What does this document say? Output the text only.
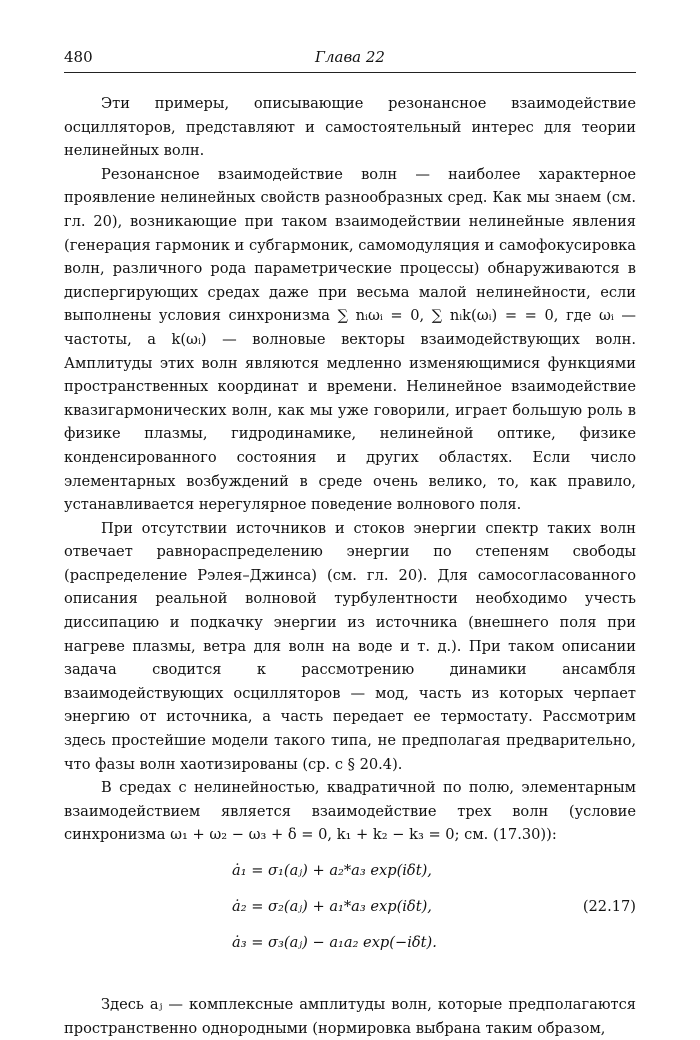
480	Глава 22

Эти примеры, описывающие резонансное взаимодействие осцилляторов, представляют и самостоятельный интерес для теории нелинейных волн.

Резонансное взаимодействие волн — наиболее характерное проявление нелинейных свойств разнообразных сред. Как мы знаем (см. гл. 20), возникающие при таком взаимодействии нелинейные явления (генерация гармоник и субгармоник, самомодуляция и самофокусировка волн, различного рода параметрические процессы) обнаруживаются в диспергирующих средах даже при весьма малой нелинейности, если выполнены условия синхронизма ∑ nᵢωᵢ = 0, ∑ nᵢk(ωᵢ) = = 0, где ωᵢ — частоты, а k(ωᵢ) — волновые векторы взаимодействующих волн. Амплитуды этих волн являются медленно изменяющимися функциями пространственных координат и времени. Нелинейное взаимодействие квазигармонических волн, как мы уже говорили, играет большую роль в физике плазмы, гидродинамике, нелинейной оптике, физике конденсированного состояния и других областях. Если число элементарных возбуждений в среде очень велико, то, как правило, устанавливается нерегулярное поведение волнового поля.

При отсутствии источников и стоков энергии спектр таких волн отвечает равнораспределению энергии по степеням свободы (распределение Рэлея–Джинса) (см. гл. 20). Для самосогласованного описания реальной волновой турбулентности необходимо учесть диссипацию и подкачку энергии из источника (внешнего поля при нагреве плазмы, ветра для волн на воде и т. д.). При таком описании задача сводится к рассмотрению динамики ансамбля взаимодействующих осцилляторов — мод, часть из которых черпает энергию от источника, а часть передает ее термостату. Рассмотрим здесь простейшие модели такого типа, не предполагая предварительно, что фазы волн хаотизированы (ср. с § 20.4).

В средах с нелинейностью, квадратичной по полю, элементарным взаимодействием является взаимодействие трех волн (условие синхронизма ω₁ + ω₂ − ω₃ + δ = 0, k₁ + k₂ − k₃ = 0; см. (17.30)):

ȧ₁ = σ₁(aⱼ) + a₂*a₃ exp(iδt),
ȧ₂ = σ₂(aⱼ) + a₁*a₃ exp(iδt),
ȧ₃ = σ₃(aⱼ) − a₁a₂ exp(−iδt).
(22.17)

Здесь aⱼ — комплексные амплитуды волн, которые предполагаются пространственно однородными (нормировка выбрана таким образом,
